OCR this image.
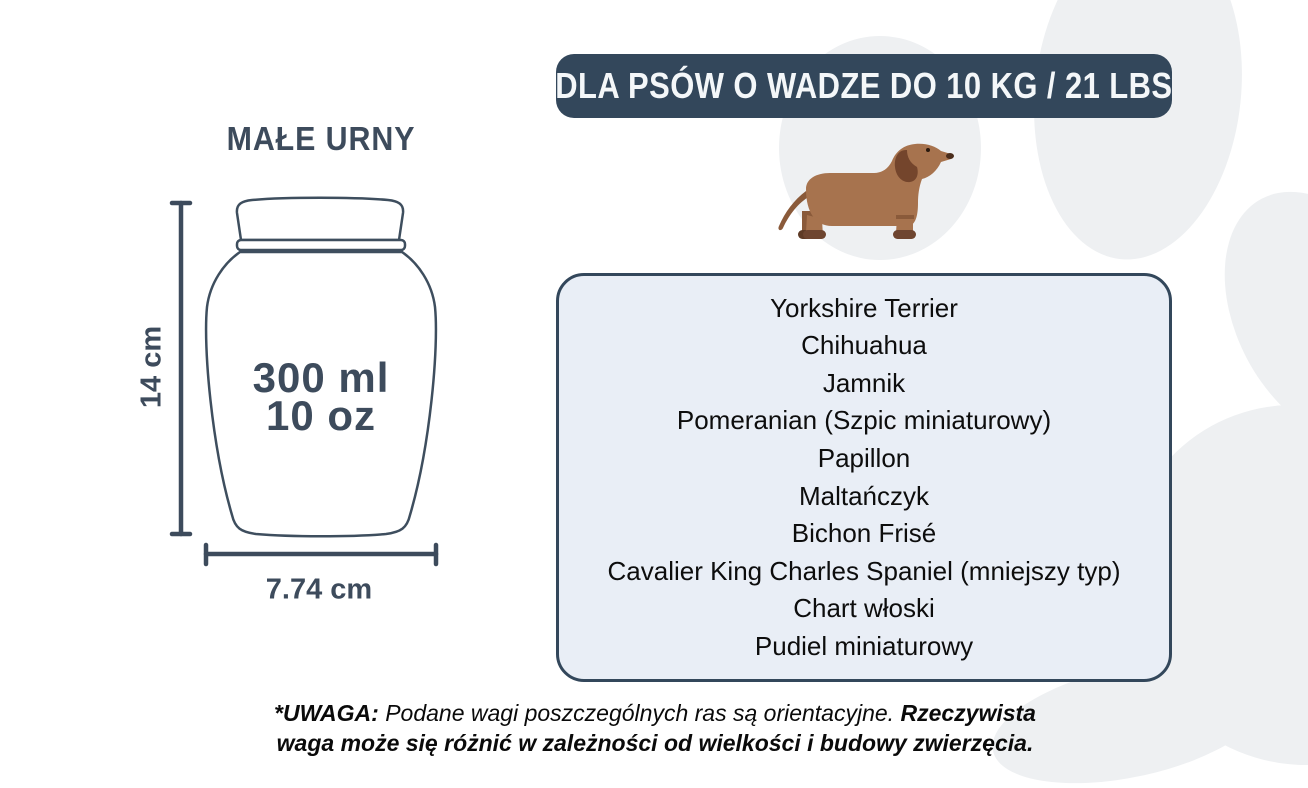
MAŁE URNY
14 cm 300 ml
10 oz
7.74 cm
DLA PSÓW O WADZE DO 10 KG / 21 LBS
Yorkshire Terrier
Chihuahua
Jamnik
Pomeranian (Szpic miniaturowy)
Papillon
Maltańczyk
Bichon Frisé
Cavalier King Charles Spaniel (mniejszy typ)
Chart włoski
Pudiel miniaturowy
*UWAGA: Podane wagi poszczególnych ras są orientacyjne. Rzeczywista
waga może się różnić w zależności od wielkości i budowy zwierzęcia.
